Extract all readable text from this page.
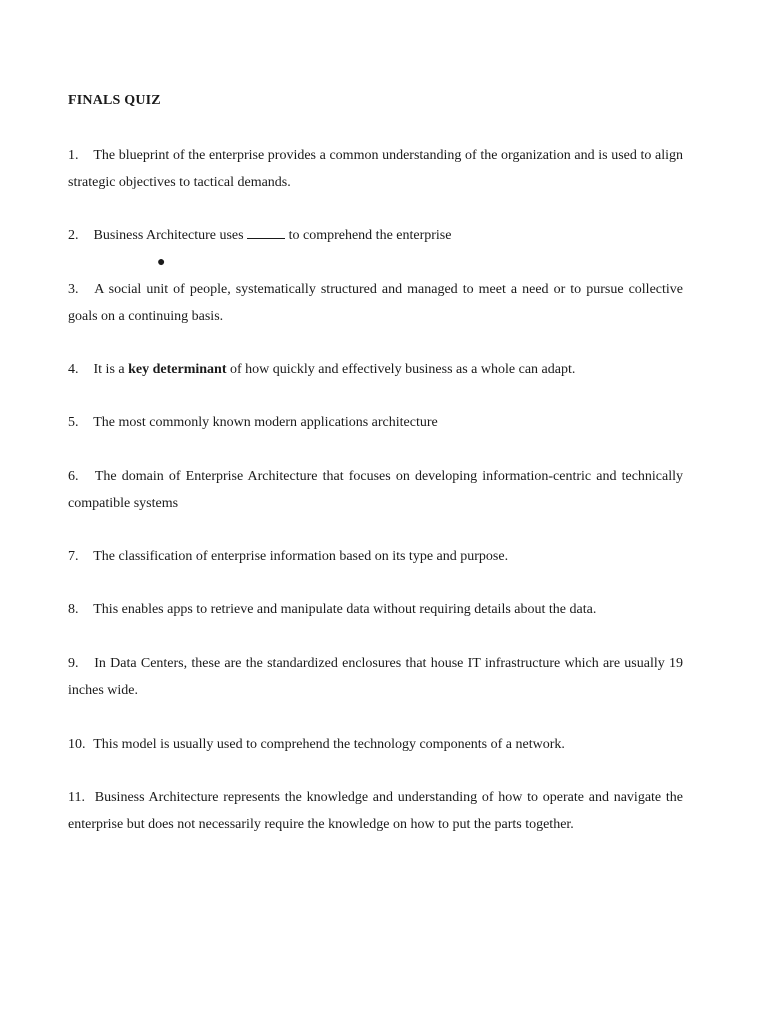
FINALS QUIZ
1. The blueprint of the enterprise provides a common understanding of the organization and is used to align strategic objectives to tactical demands.
2. Business Architecture uses	to comprehend the enterprise
●
3. A social unit of people, systematically structured and managed to meet a need or to pursue collective goals on a continuing basis.
4. It is a key determinant of how quickly and effectively business as a whole can adapt.
5. The most commonly known modern applications architecture
6. The domain of Enterprise Architecture that focuses on developing information-centric and technically compatible systems
7. The classification of enterprise information based on its type and purpose.
8. This enables apps to retrieve and manipulate data without requiring details about the data.
9. In Data Centers, these are the standardized enclosures that house IT infrastructure which are usually 19 inches wide.
10. This model is usually used to comprehend the technology components of a network.
11. Business Architecture represents the knowledge and understanding of how to operate and navigate the enterprise but does not necessarily require the knowledge on how to put the parts together.
